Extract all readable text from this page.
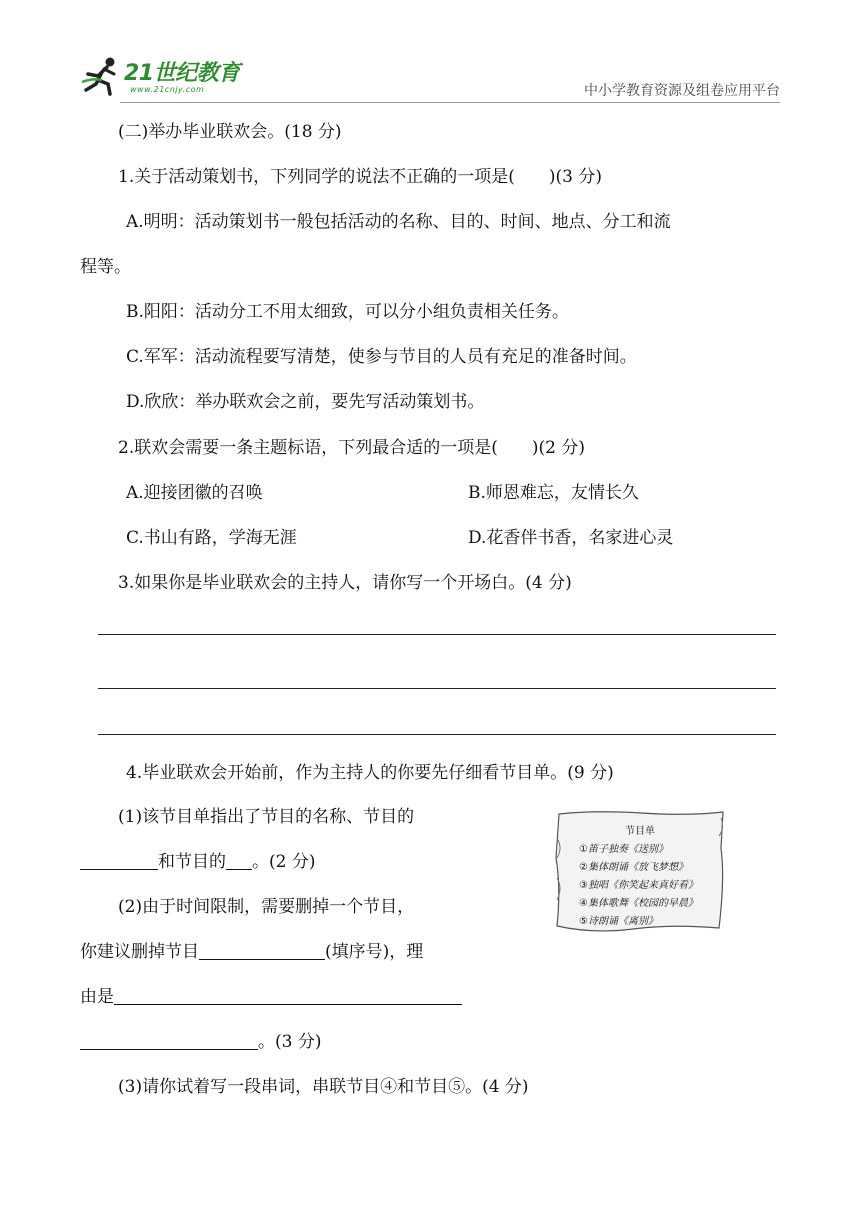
21世纪教育
www.21cnjy.com	中小学教育资源及组卷应用平台
(二)举办毕业联欢会。(18 分)
1.关于活动策划书，下列同学的说法不正确的一项是(　　)(3 分)
A.明明：活动策划书一般包括活动的名称、目的、时间、地点、分工和流
程等。
B.阳阳：活动分工不用太细致，可以分小组负责相关任务。
C.军军：活动流程要写清楚，使参与节目的人员有充足的准备时间。
D.欣欣：举办联欢会之前，要先写活动策划书。
2.联欢会需要一条主题标语，下列最合适的一项是(　　)(2 分)
A.迎接团徽的召唤	B.师恩难忘，友情长久
C.书山有路，学海无涯	D.花香伴书香，名家进心灵
3.如果你是毕业联欢会的主持人，请你写一个开场白。(4 分)
4.毕业联欢会开始前，作为主持人的你要先仔细看节目单。(9 分)
(1)该节目单指出了节目的名称、节目的
和节目的 。(2 分)
(2)由于时间限制，需要删掉一个节目，
你建议删掉节目	(填序号)，理
由是
。(3 分)
(3)请你试着写一段串词，串联节目④和节目⑤。(4 分)
节目单
①笛子独奏《送别》
②集体朗诵《放飞梦想》
③独唱《你笑起来真好看》
④集体歌舞《校园的早晨》
⑤诗朗诵《离别》
